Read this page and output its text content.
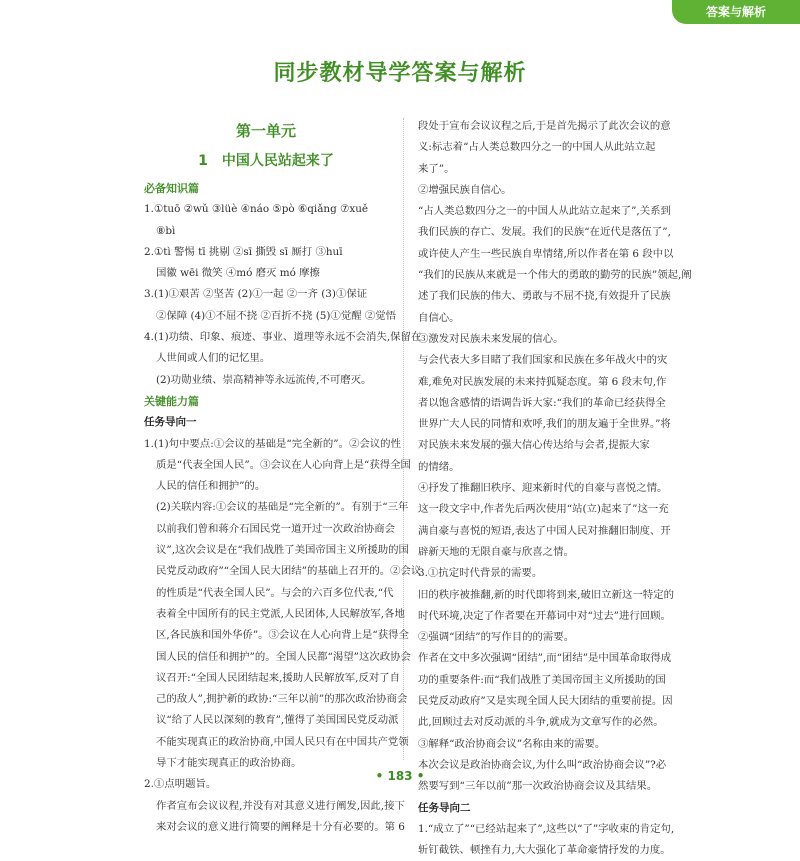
答案与解析
同步教材导学答案与解析
第一单元
1 中国人民站起来了
必备知识篇
1.①tuō ②wǔ ③lüè ④náo ⑤pò ⑥qiǎng ⑦xuě
⑧bì
2.①tì 警惕 tī 挑剔 ②sī 撕毁 sī 厮打 ③huī
国徽 wēi 微笑 ④mó 磨灭 mó 摩擦
3.(1)①艰苦 ②坚苦 (2)①一起 ②一齐 (3)①保证
②保障 (4)①不屈不挠 ②百折不挠 (5)①觉醒 ②觉悟
4.(1)功绩、印象、痕迹、事业、道理等永远不会消失,保留在
人世间或人们的记忆里。
(2)功勋业绩、崇高精神等永远流传,不可磨灭。
关键能力篇
任务导向一
1.(1)句中要点:①会议的基础是“完全新的”。②会议的性
质是“代表全国人民”。③会议在人心向背上是“获得全国
人民的信任和拥护”的。
(2)关联内容:①会议的基础是“完全新的”。有别于“三年
以前我们曾和蒋介石国民党一道开过一次政治协商会
议”,这次会议是在“我们战胜了美国帝国主义所援助的国
民党反动政府”“全国人民大团结”的基础上召开的。②会议
的性质是“代表全国人民”。与会的六百多位代表,“代
表着全中国所有的民主党派,人民团体,人民解放军,各地
区,各民族和国外华侨”。③会议在人心向背上是“获得全
国人民的信任和拥护”的。全国人民都“渴望”这次政协会
议召开:“全国人民团结起来,援助人民解放军,反对了自
己的敌人”,拥护新的政协:“三年以前”的那次政治协商会
议“给了人民以深刻的教育”,懂得了美国国民党反动派
不能实现真正的政治协商,中国人民只有在中国共产党领
导下才能实现真正的政治协商。
2.①点明题旨。
作者宣布会议议程,并没有对其意义进行阐发,因此,接下
来对会议的意义进行简要的阐释是十分有必要的。第 6
段处于宣布会议议程之后,于是首先揭示了此次会议的意
义:标志着“占人类总数四分之一的中国人从此站立起
来了”。
②增强民族自信心。
“占人类总数四分之一的中国人从此站立起来了”,关系到
我们民族的存亡、发展。我们的民族“在近代是落伍了”,
或许使人产生一些民族自卑情绪,所以作者在第 6 段中以
“我们的民族从来就是一个伟大的勇敢的勤劳的民族”领起,阐
述了我们民族的伟大、勇敢与不屈不挠,有效提升了民族
自信心。
③激发对民族未来发展的信心。
与会代表大多目睹了我们国家和民族在多年战火中的灾
难,难免对民族发展的未来持狐疑态度。第 6 段末句,作
者以饱含感情的语调告诉大家:“我们的革命已经获得全
世界广大人民的同情和欢呼,我们的朋友遍于全世界。”将
对民族未来发展的强大信心传达给与会者,提振大家
的情绪。
④抒发了推翻旧秩序、迎来新时代的自豪与喜悦之情。
这一段文字中,作者先后两次使用“站(立)起来了”这一充
满自豪与喜悦的短语,表达了中国人民对推翻旧制度、开
辟新天地的无限自豪与欣喜之情。
3.①抗定时代背景的需要。
旧的秩序被推翻,新的时代即将到来,破旧立新这一特定的
时代环境,决定了作者要在开幕词中对“过去”进行回顾。
②强调“团结”的写作目的的需要。
作者在文中多次强调“团结”,而“团结”是中国革命取得成
功的重要条件:而“我们战胜了美国帝国主义所援助的国
民党反动政府”又是实现全国人民大团结的重要前提。因
此,回顾过去对反动派的斗争,就成为文章写作的必然。
③解释“政治协商会议”名称由来的需要。
本次会议是政治协商会议,为什么叫“政治协商会议”?必
然要写到“三年以前”那一次政治协商会议及其结果。
任务导向二
1.“成立了”“已经站起来了”,这些以“了”字收束的肯定句,
斩钉截铁、顿挫有力,大大强化了革命豪情抒发的力度。
• 183 •
